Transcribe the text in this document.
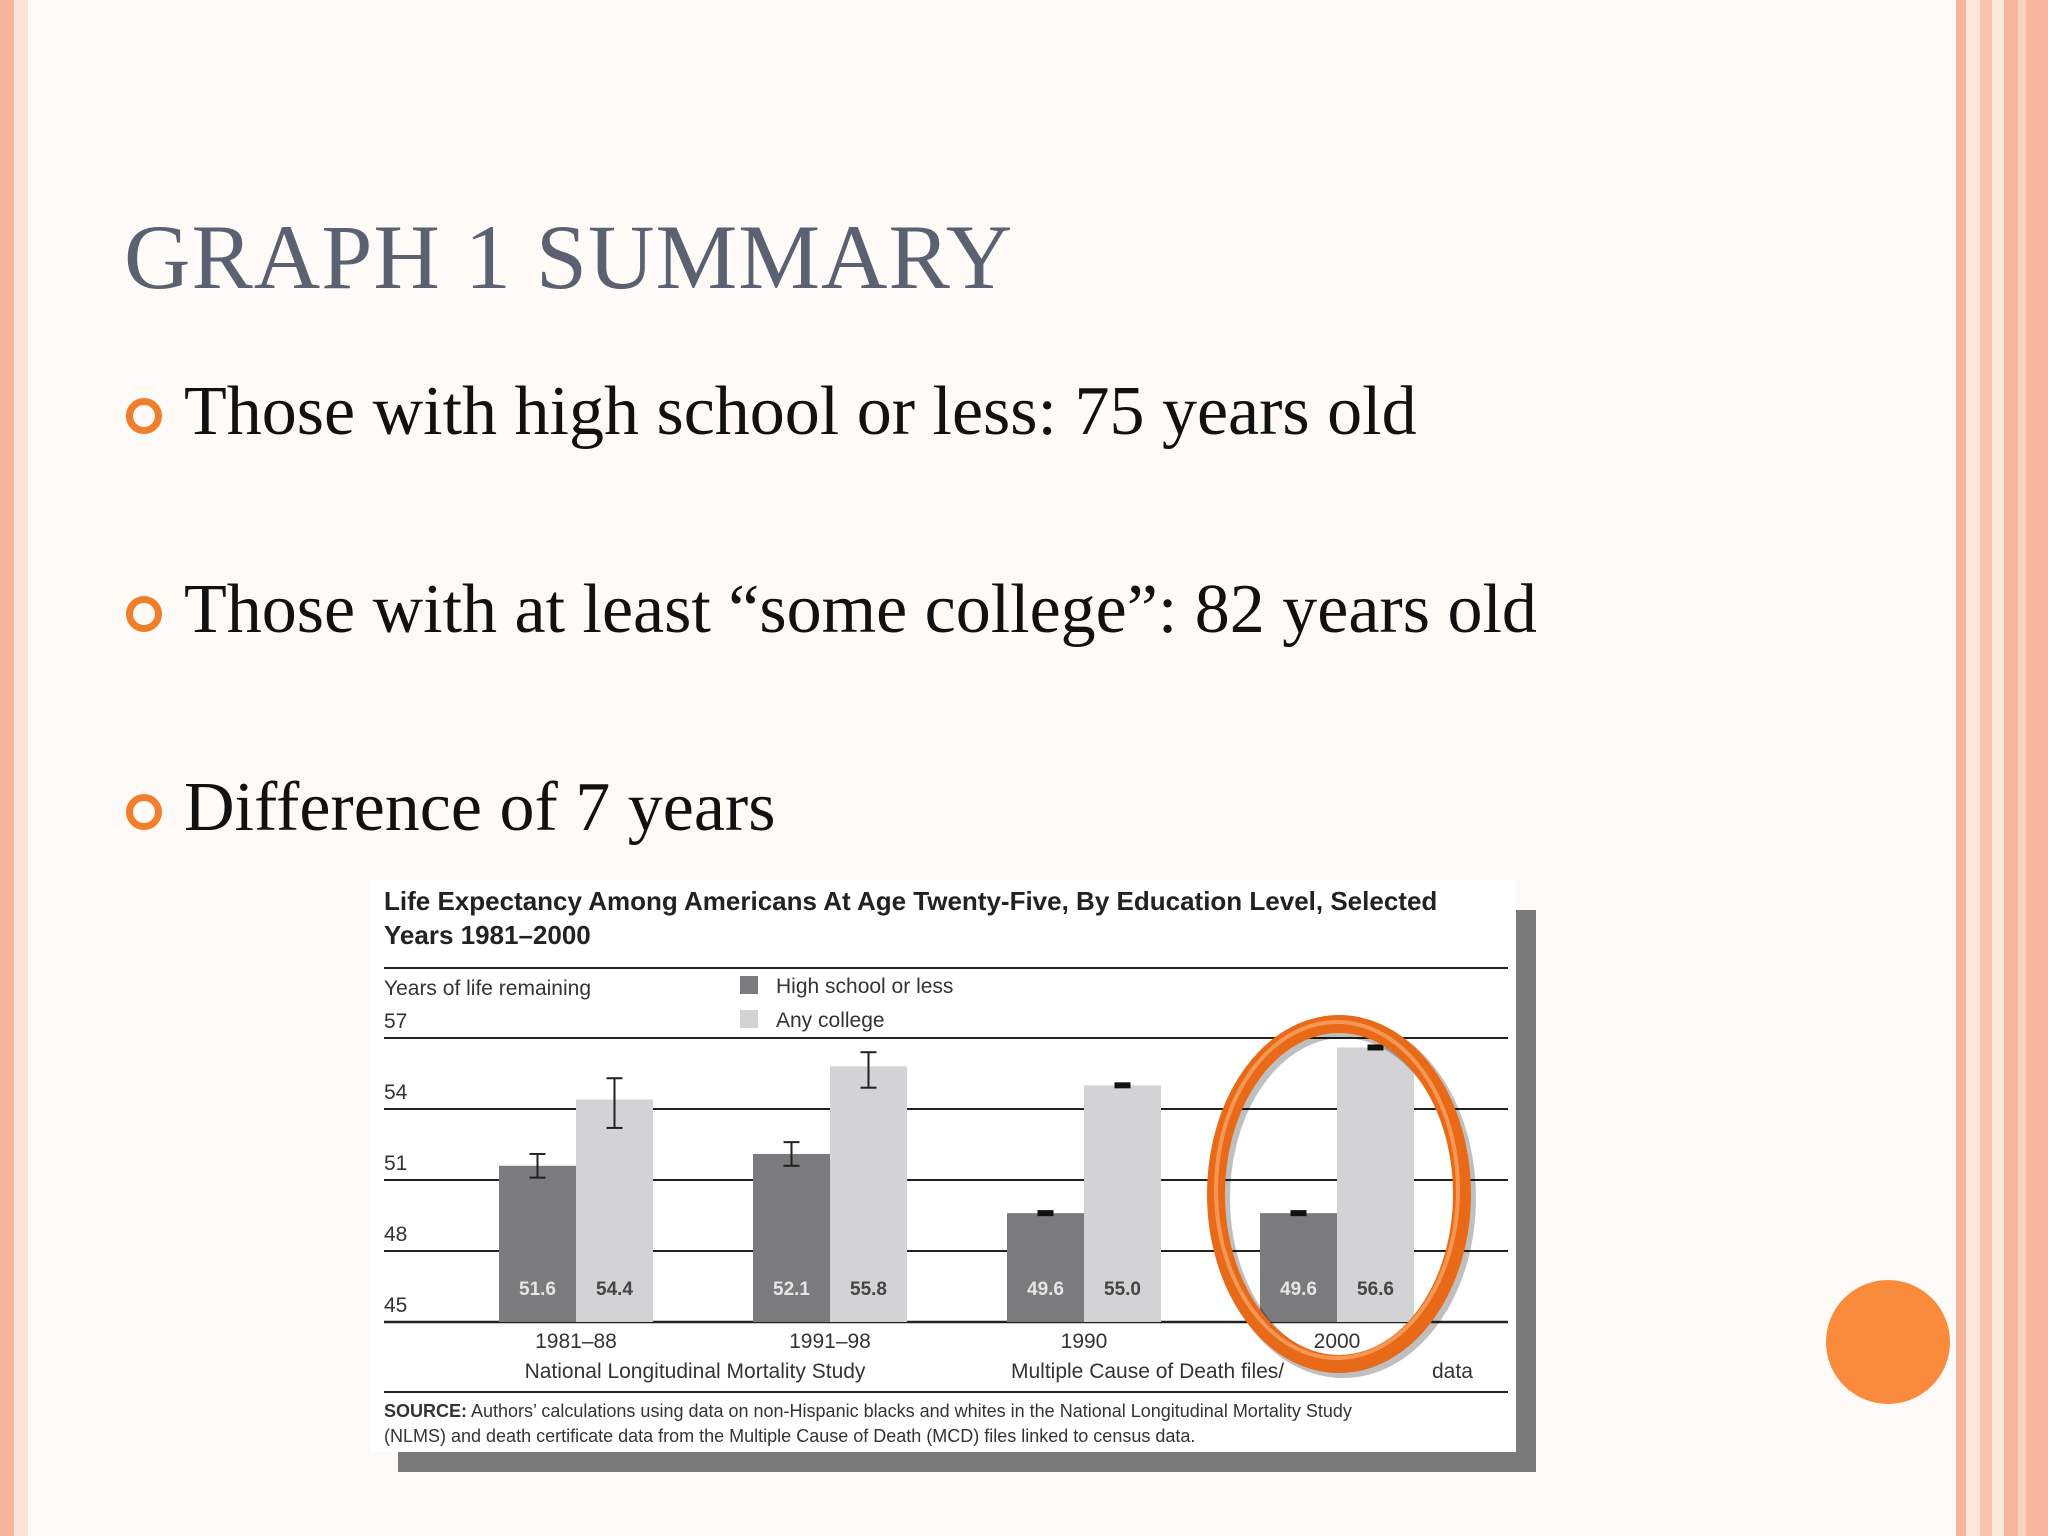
GRAPH 1 SUMMARY
Those with high school or less: 75 years old
Those with at least “some college”: 82 years old
Difference of 7 years
Life Expectancy Among Americans At Age Twenty-Five, By Education Level, Selected
Years 1981–2000
Years of life remaining	High school or less
Any college
57
54
51
48
45
51.6 54.4	52.1 55.8	49.6 55.0	49.6 56.6
1981–88	1991–98	1990	2000
National Longitudinal Mortality Study	Multiple Cause of Death files/	data
SOURCE: Authors’ calculations using data on non-Hispanic blacks and whites in the National Longitudinal Mortality Study
(NLMS) and death certificate data from the Multiple Cause of Death (MCD) files linked to census data.
